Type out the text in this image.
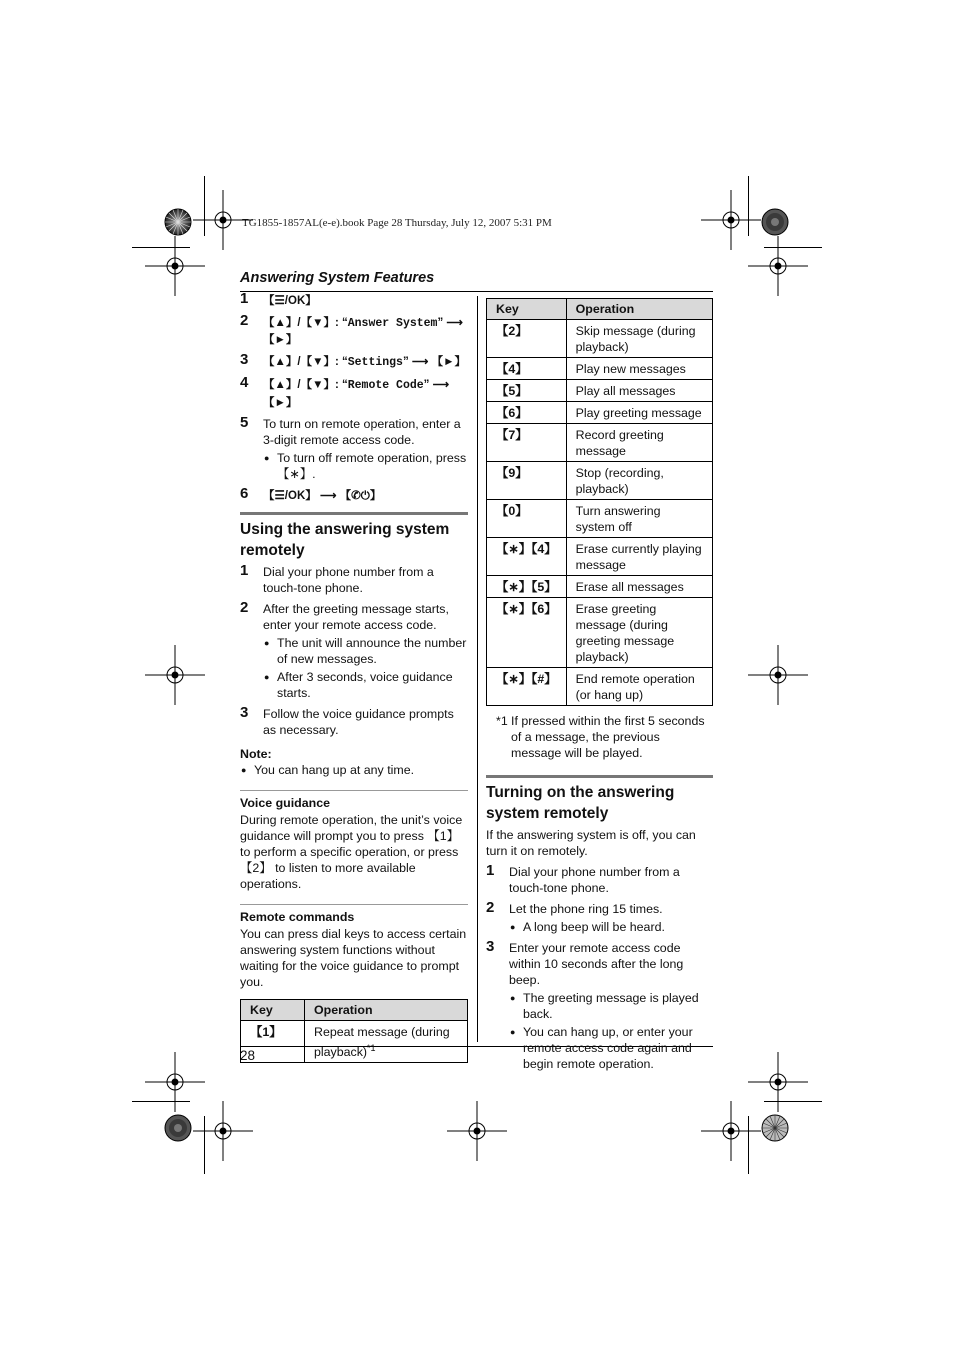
TG1855-1857AL(e-e).book Page 28 Thursday, July 12, 2007 5:31 PM
Answering System Features
28
1 【☰/OK】
2 【▲】/【▼】: “Answer System” ⟶
【►】
3 【▲】/【▼】: “Settings” ⟶ 【►】
4 【▲】/【▼】: “Remote Code” ⟶ 【►】
5 To turn on remote operation, enter a 3-digit remote access code.
● To turn off remote operation, press 【∗】.
6 【☰/OK】 ⟶ 【✆⏻】
Using the answering system remotely
1 Dial your phone number from a touch-tone phone.
2 After the greeting message starts, enter your remote access code.
● The unit will announce the number of new messages.
● After 3 seconds, voice guidance starts.
3 Follow the voice guidance prompts as necessary.
Note:
● You can hang up at any time.
Voice guidance

During remote operation, the unit’s voice guidance will prompt you to press 【1】 to perform a specific operation, or press 【2】 to listen to more available operations.

Remote commands

You can press dial keys to access certain answering system functions without waiting for the voice guidance to prompt you.

Key	Operation
【1】	Repeat message (during playback)$^{*1}$
Key	Operation
【2】	Skip message (during playback)
【4】	Play new messages
【5】	Play all messages
【6】	Play greeting message
【7】	Record greeting message
【9】	Stop (recording, playback)
【0】	Turn answering system off
【∗】【4】	Erase currently playing message
【∗】【5】	Erase all messages
【∗】【6】	Erase greeting message (during greeting message playback)
【∗】【#】	End remote operation (or hang up)
*1 If pressed within the first 5 seconds of a message, the previous message will be played.
Turning on the answering system remotely

If the answering system is off, you can turn it on remotely.

1 Dial your phone number from a touch-tone phone.
2 Let the phone ring 15 times.
● A long beep will be heard.
3 Enter your remote access code within 10 seconds after the long beep.
● The greeting message is played back.
● You can hang up, or enter your remote access code again and begin remote operation.
